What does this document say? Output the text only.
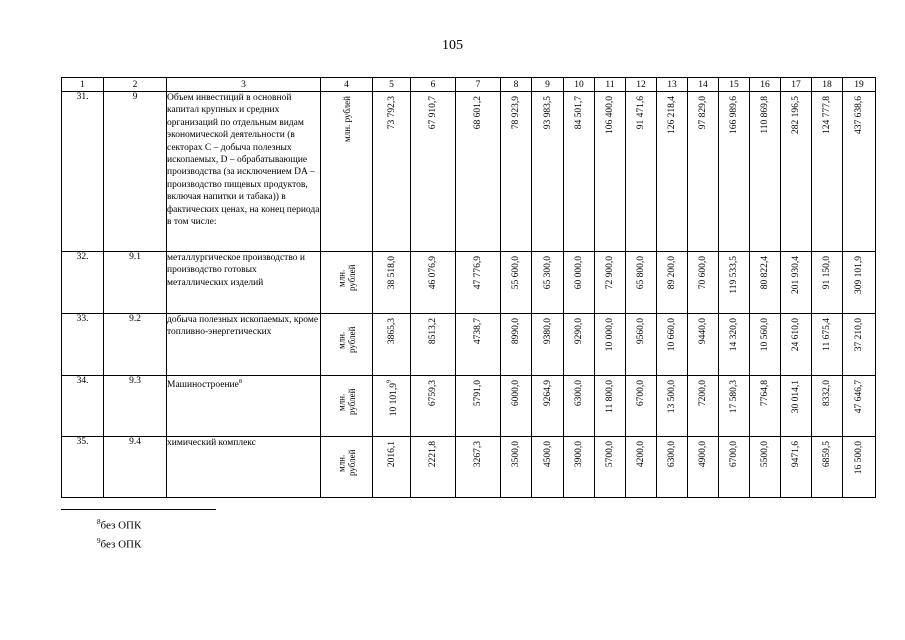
105
1	2	3	4	5	6	7	8	9	10	11	12	13	14	15	16	17	18	19
31.	9	Объем инвестиций в основной капитал крупных и средних организаций по отдельным видам экономической деятельности (в секторах C – добыча полезных ископаемых, D – обрабатывающие производства (за исключением DA – производство пищевых продуктов, включая напитки и табака)) в фактических ценах, на конец периода
в том числе:	млн. рублей	73 792,3	67 910,7	68 601,2	78 923,9	93 983,5	84 501,7	106 400,0	91 471,6	126 218,4	97 829,0	166 989,6	110 869,8	282 196,5	124 777,8	437 638,6

32.	9.1	металлургическое производство и производство готовых металлических изделий	млн. рублей	38 518,0	46 076,9	47 776,9	55 600,0	65 300,0	60 000,0	72 900,0	65 800,0	89 200,0	70 600,0	119 533,5	80 822,4	201 930,4	91 150,0	309 101,9

33.	9.2	добыча полезных ископаемых, кроме топливно-энергетических	млн. рублей	3865,3	8513,2	4738,7	8990,0	9380,0	9290,0	10 000,0	9560,0	10 660,0	9440,0	14 320,0	10 560,0	24 610,0	11 675,4	37 210,0

34.	9.3	Машиностроение$^8$	млн. рублей	10 101,9$^9$	6759,3	5791,0	6000,0	9264,9	6300,0	11 800,0	6700,0	13 500,0	7200,0	17 580,3	7764,8	30 014,1	8332,0	47 646,7

35.	9.4	химический комплекс	млн. рублей	2016,1	2221,8	3267,3	3500,0	4500,0	3900,0	5700,0	4200,0	6300,0	4900,0	6700,0	5500,0	9471,6	6859,5	16 500,0
$^8$без ОПК
$^9$без ОПК
